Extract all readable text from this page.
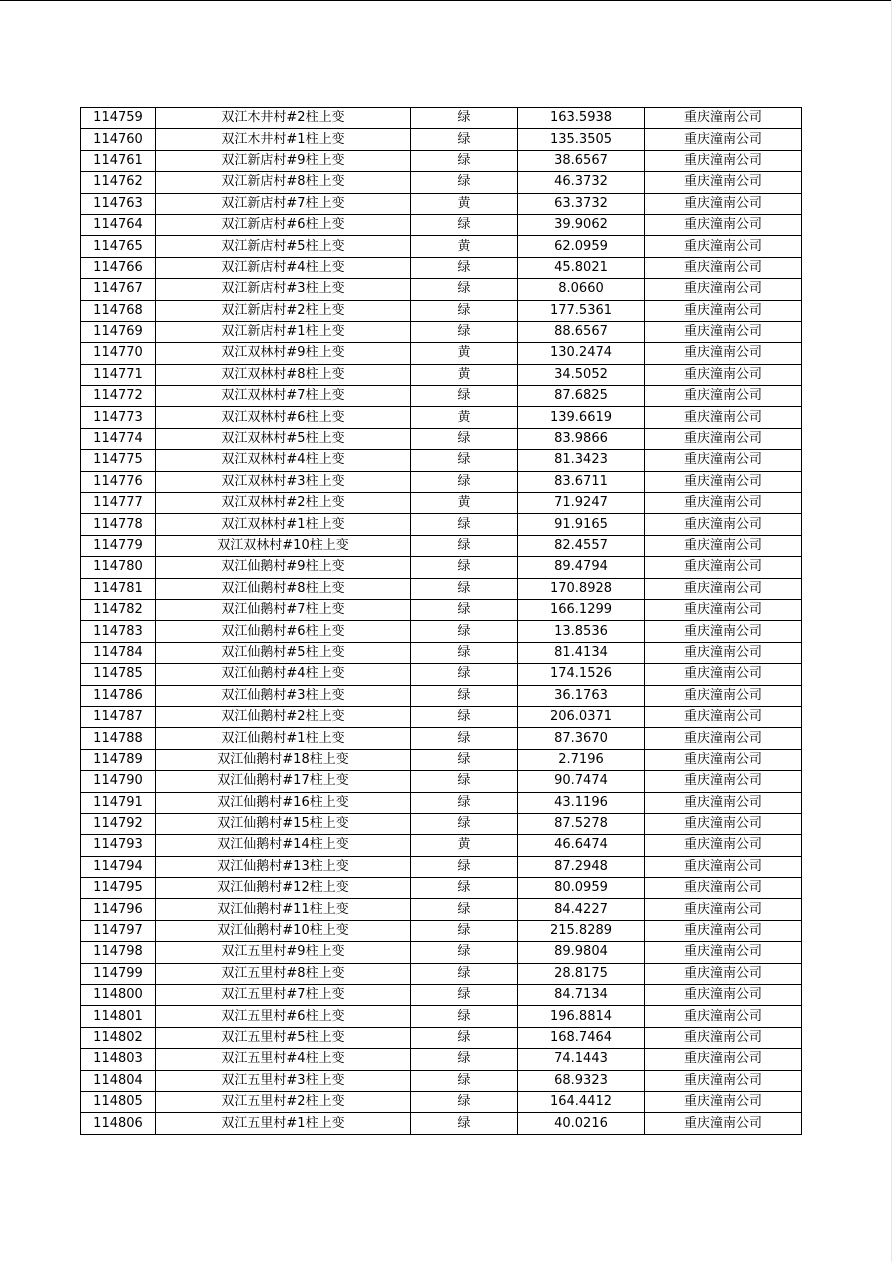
114759	双江木井村#2柱上变	绿	163.5938	重庆潼南公司
114760	双江木井村#1柱上变	绿	135.3505	重庆潼南公司
114761	双江新店村#9柱上变	绿	38.6567	重庆潼南公司
114762	双江新店村#8柱上变	绿	46.3732	重庆潼南公司
114763	双江新店村#7柱上变	黄	63.3732	重庆潼南公司
114764	双江新店村#6柱上变	绿	39.9062	重庆潼南公司
114765	双江新店村#5柱上变	黄	62.0959	重庆潼南公司
114766	双江新店村#4柱上变	绿	45.8021	重庆潼南公司
114767	双江新店村#3柱上变	绿	8.0660	重庆潼南公司
114768	双江新店村#2柱上变	绿	177.5361	重庆潼南公司
114769	双江新店村#1柱上变	绿	88.6567	重庆潼南公司
114770	双江双林村#9柱上变	黄	130.2474	重庆潼南公司
114771	双江双林村#8柱上变	黄	34.5052	重庆潼南公司
114772	双江双林村#7柱上变	绿	87.6825	重庆潼南公司
114773	双江双林村#6柱上变	黄	139.6619	重庆潼南公司
114774	双江双林村#5柱上变	绿	83.9866	重庆潼南公司
114775	双江双林村#4柱上变	绿	81.3423	重庆潼南公司
114776	双江双林村#3柱上变	绿	83.6711	重庆潼南公司
114777	双江双林村#2柱上变	黄	71.9247	重庆潼南公司
114778	双江双林村#1柱上变	绿	91.9165	重庆潼南公司
114779	双江双林村#10柱上变	绿	82.4557	重庆潼南公司
114780	双江仙鹅村#9柱上变	绿	89.4794	重庆潼南公司
114781	双江仙鹅村#8柱上变	绿	170.8928	重庆潼南公司
114782	双江仙鹅村#7柱上变	绿	166.1299	重庆潼南公司
114783	双江仙鹅村#6柱上变	绿	13.8536	重庆潼南公司
114784	双江仙鹅村#5柱上变	绿	81.4134	重庆潼南公司
114785	双江仙鹅村#4柱上变	绿	174.1526	重庆潼南公司
114786	双江仙鹅村#3柱上变	绿	36.1763	重庆潼南公司
114787	双江仙鹅村#2柱上变	绿	206.0371	重庆潼南公司
114788	双江仙鹅村#1柱上变	绿	87.3670	重庆潼南公司
114789	双江仙鹅村#18柱上变	绿	2.7196	重庆潼南公司
114790	双江仙鹅村#17柱上变	绿	90.7474	重庆潼南公司
114791	双江仙鹅村#16柱上变	绿	43.1196	重庆潼南公司
114792	双江仙鹅村#15柱上变	绿	87.5278	重庆潼南公司
114793	双江仙鹅村#14柱上变	黄	46.6474	重庆潼南公司
114794	双江仙鹅村#13柱上变	绿	87.2948	重庆潼南公司
114795	双江仙鹅村#12柱上变	绿	80.0959	重庆潼南公司
114796	双江仙鹅村#11柱上变	绿	84.4227	重庆潼南公司
114797	双江仙鹅村#10柱上变	绿	215.8289	重庆潼南公司
114798	双江五里村#9柱上变	绿	89.9804	重庆潼南公司
114799	双江五里村#8柱上变	绿	28.8175	重庆潼南公司
114800	双江五里村#7柱上变	绿	84.7134	重庆潼南公司
114801	双江五里村#6柱上变	绿	196.8814	重庆潼南公司
114802	双江五里村#5柱上变	绿	168.7464	重庆潼南公司
114803	双江五里村#4柱上变	绿	74.1443	重庆潼南公司
114804	双江五里村#3柱上变	绿	68.9323	重庆潼南公司
114805	双江五里村#2柱上变	绿	164.4412	重庆潼南公司
114806	双江五里村#1柱上变	绿	40.0216	重庆潼南公司
